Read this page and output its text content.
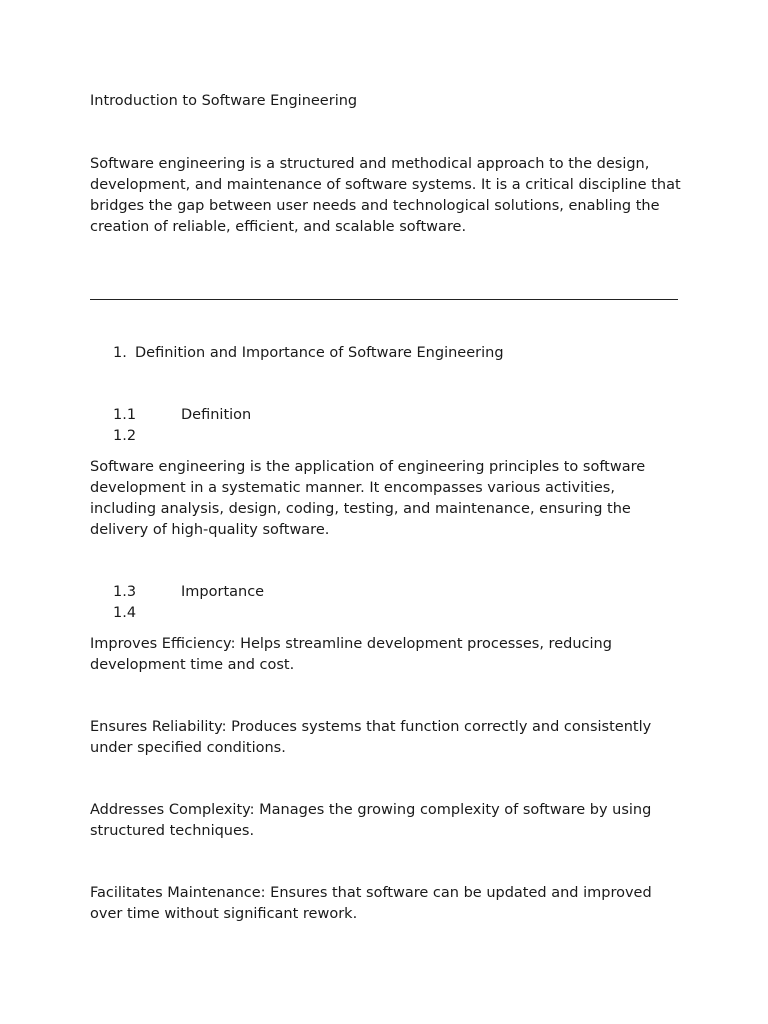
Introduction to Software Engineering

Software engineering is a structured and methodical approach to the design, development, and maintenance of software systems. It is a critical discipline that bridges the gap between user needs and technological solutions, enabling the creation of reliable, efficient, and scalable software.

1. Definition and Importance of Software Engineering
1.1	Definition
1.2

Software engineering is the application of engineering principles to software development in a systematic manner. It encompasses various activities, including analysis, design, coding, testing, and maintenance, ensuring the delivery of high-quality software.

1.3	Importance
1.4

Improves Efficiency: Helps streamline development processes, reducing development time and cost.

Ensures Reliability: Produces systems that function correctly and consistently under specified conditions.

Addresses Complexity: Manages the growing complexity of software by using structured techniques.

Facilitates Maintenance: Ensures that software can be updated and improved over time without significant rework.
